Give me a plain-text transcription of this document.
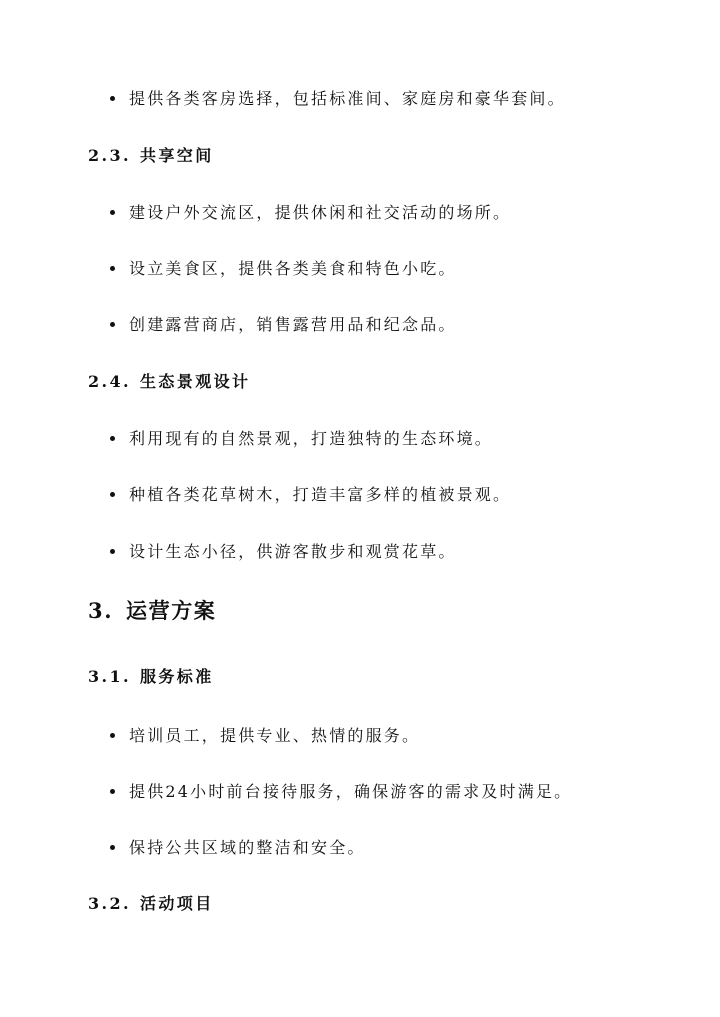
提供各类客房选择，包括标准间、家庭房和豪华套间。
2.3. 共享空间
建设户外交流区，提供休闲和社交活动的场所。
设立美食区，提供各类美食和特色小吃。
创建露营商店，销售露营用品和纪念品。
2.4. 生态景观设计
利用现有的自然景观，打造独特的生态环境。
种植各类花草树木，打造丰富多样的植被景观。
设计生态小径，供游客散步和观赏花草。
3. 运营方案
3.1. 服务标准
培训员工，提供专业、热情的服务。
提供24小时前台接待服务，确保游客的需求及时满足。
保持公共区域的整洁和安全。
3.2. 活动项目
